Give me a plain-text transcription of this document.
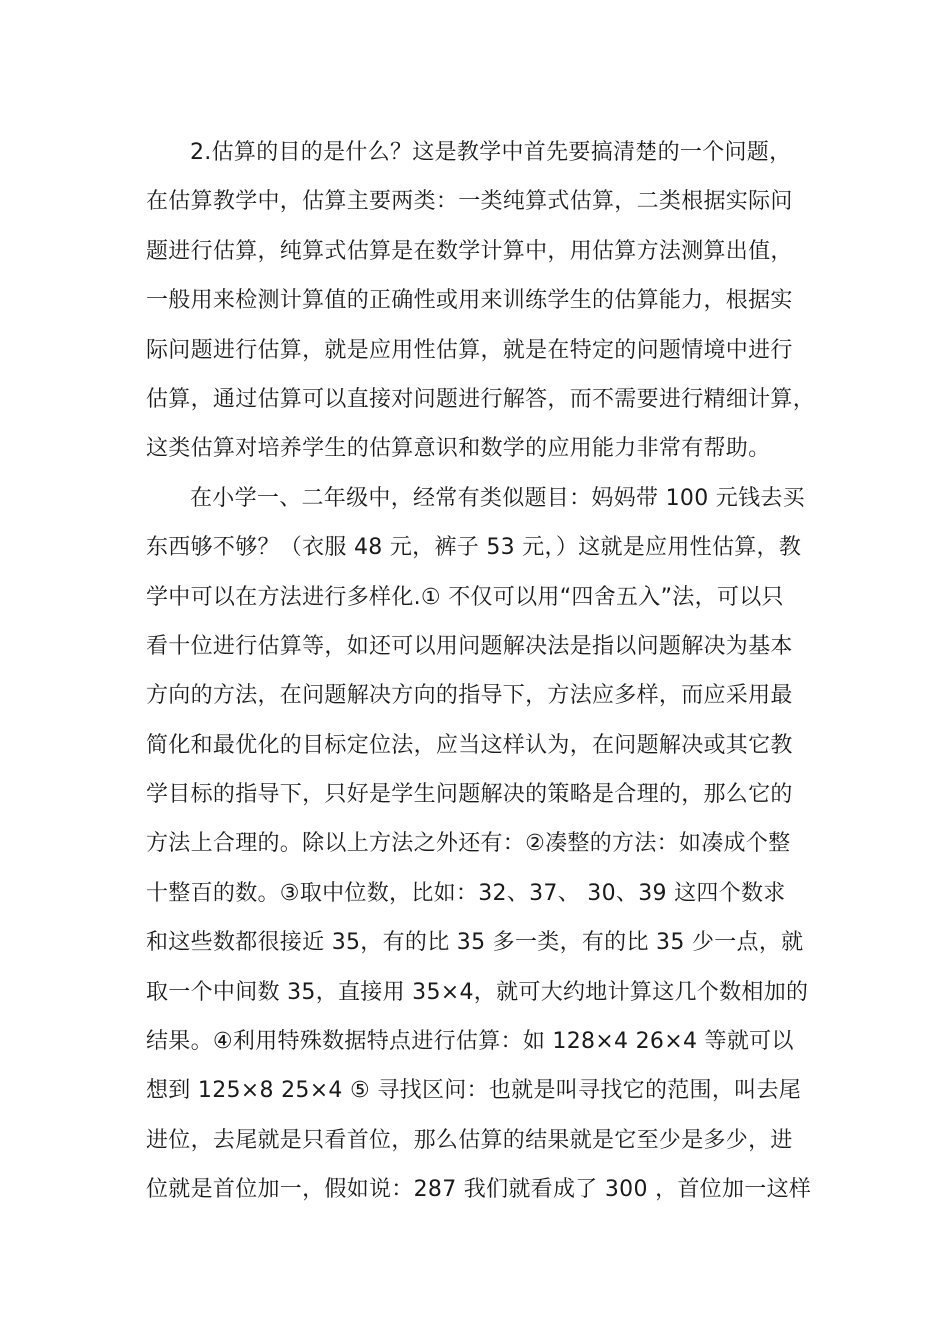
2.估算的目的是什么？这是教学中首先要搞清楚的一个问题，
在估算教学中，估算主要两类：一类纯算式估算，二类根据实际问
题进行估算，纯算式估算是在数学计算中，用估算方法测算出值，
一般用来检测计算值的正确性或用来训练学生的估算能力，根据实
际问题进行估算，就是应用性估算，就是在特定的问题情境中进行
估算，通过估算可以直接对问题进行解答，而不需要进行精细计算，
这类估算对培养学生的估算意识和数学的应用能力非常有帮助。
在小学一、二年级中，经常有类似题目：妈妈带 100 元钱去买
东西够不够？（衣服 48 元，裤子 53 元，）这就是应用性估算，教
学中可以在方法进行多样化.① 不仅可以用“四舍五入”法，可以只
看十位进行估算等，如还可以用问题解决法是指以问题解决为基本
方向的方法，在问题解决方向的指导下，方法应多样，而应采用最
简化和最优化的目标定位法，应当这样认为，在问题解决或其它教
学目标的指导下，只好是学生问题解决的策略是合理的，那么它的
方法上合理的。除以上方法之外还有：②凑整的方法：如凑成个整
十整百的数。③取中位数，比如：32、37、 30、39 这四个数求
和这些数都很接近 35，有的比 35 多一类，有的比 35 少一点，就
取一个中间数 35，直接用 35×4，就可大约地计算这几个数相加的
结果。④利用特殊数据特点进行估算：如 128×4 26×4 等就可以
想到 125×8 25×4 ⑤ 寻找区问：也就是叫寻找它的范围，叫去尾
进位，去尾就是只看首位，那么估算的结果就是它至少是多少，进
位就是首位加一，假如说：287 我们就看成了 300 ，首位加一这样
